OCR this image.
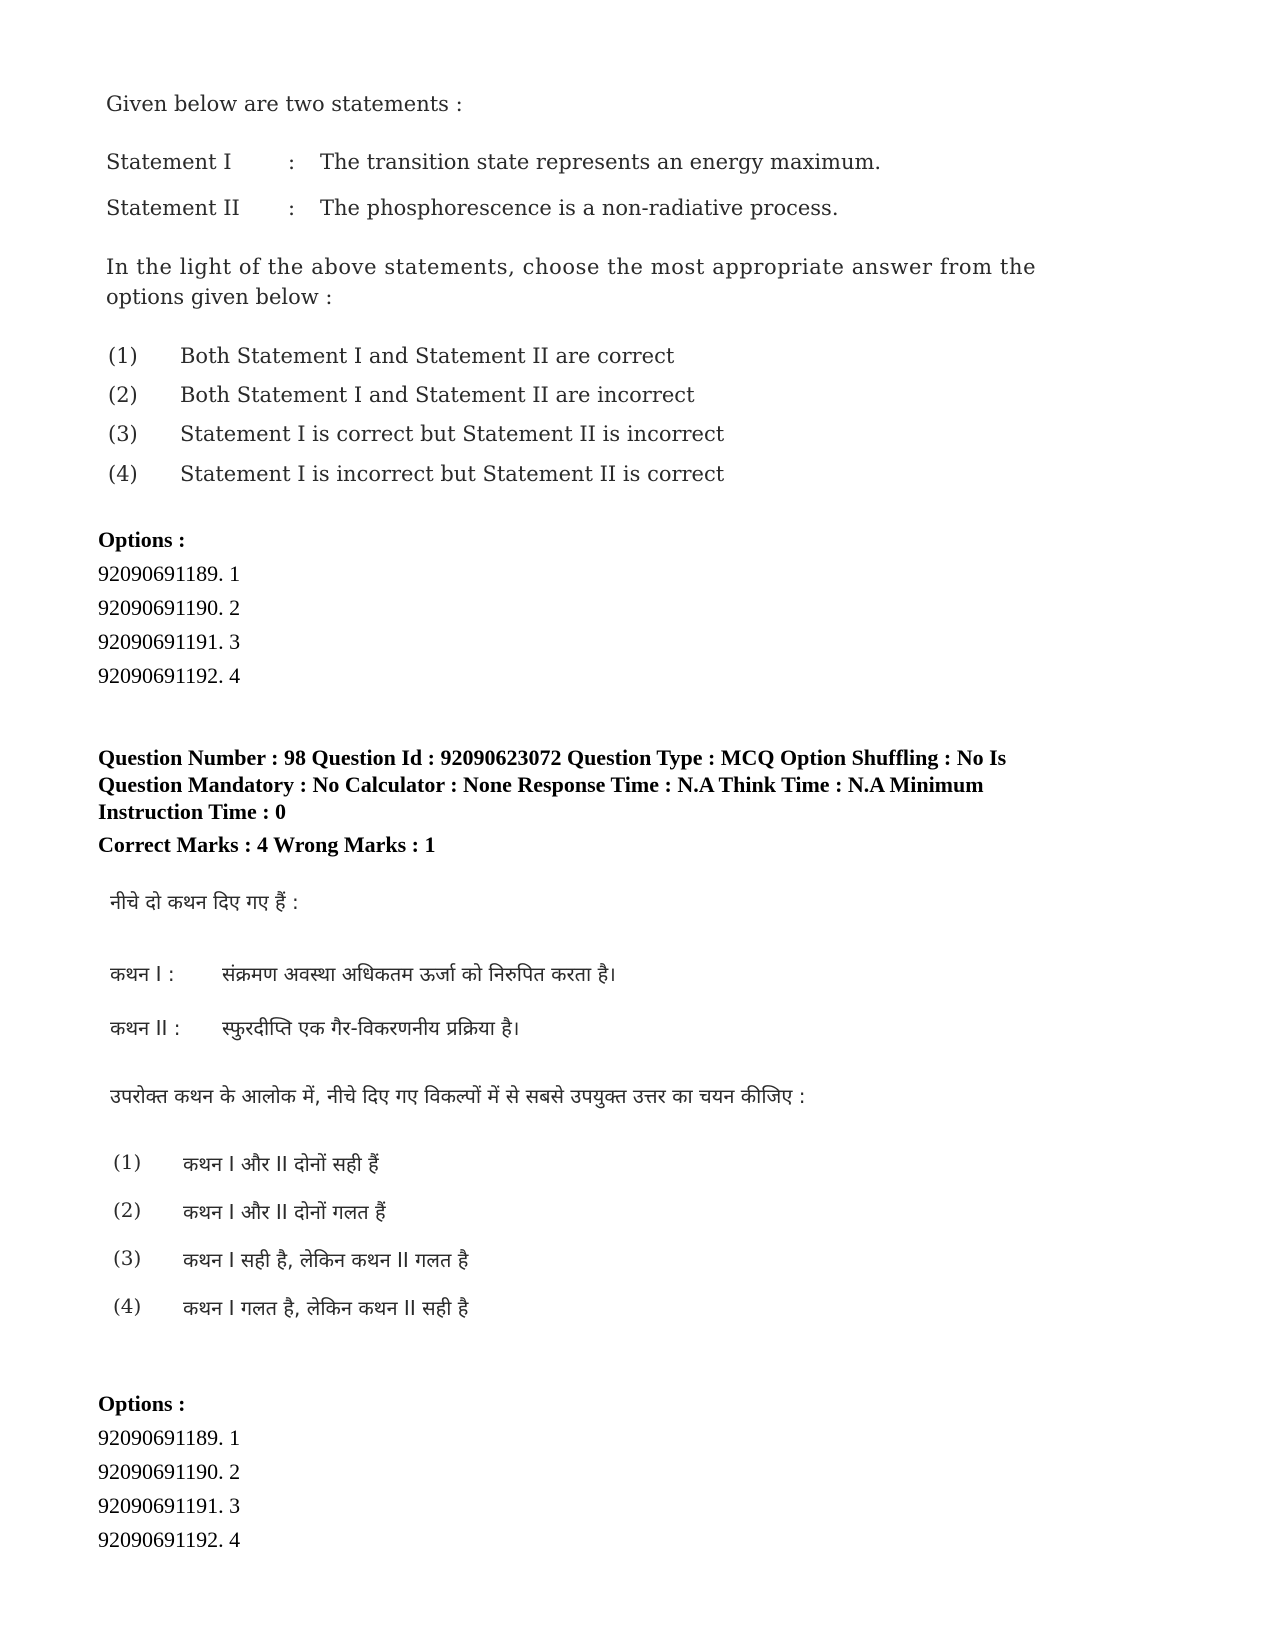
Given below are two statements :
Statement I	: The transition state represents an energy maximum.
Statement II : The phosphorescence is a non-radiative process.
In the light of the above statements, choose the most appropriate answer from the
options given below :
(1) Both Statement I and Statement II are correct
(2) Both Statement I and Statement II are incorrect
(3) Statement I is correct but Statement II is incorrect
(4) Statement I is incorrect but Statement II is correct
Options :
92090691189. 1
92090691190. 2
92090691191. 3
92090691192. 4
Question Number : 98 Question Id : 92090623072 Question Type : MCQ Option Shuffling : No Is
Question Mandatory : No Calculator : None Response Time : N.A Think Time : N.A Minimum
Instruction Time : 0
Correct Marks : 4 Wrong Marks : 1
नीचे दो कथन दिए गए हैं :
कथन I : संक्रमण अवस्था अधिकतम ऊर्जा को निरुपित करता है।
कथन II : स्फुरदीप्ति एक गैर-विकरणनीय प्रक्रिया है।
उपरोक्त कथन के आलोक में, नीचे दिए गए विकल्पों में से सबसे उपयुक्त उत्तर का चयन कीजिए :
(1) कथन I और II दोनों सही हैं
(2) कथन I और II दोनों गलत हैं
(3) कथन I सही है, लेकिन कथन II गलत है
(4) कथन I गलत है, लेकिन कथन II सही है
Options :
92090691189. 1
92090691190. 2
92090691191. 3
92090691192. 4
